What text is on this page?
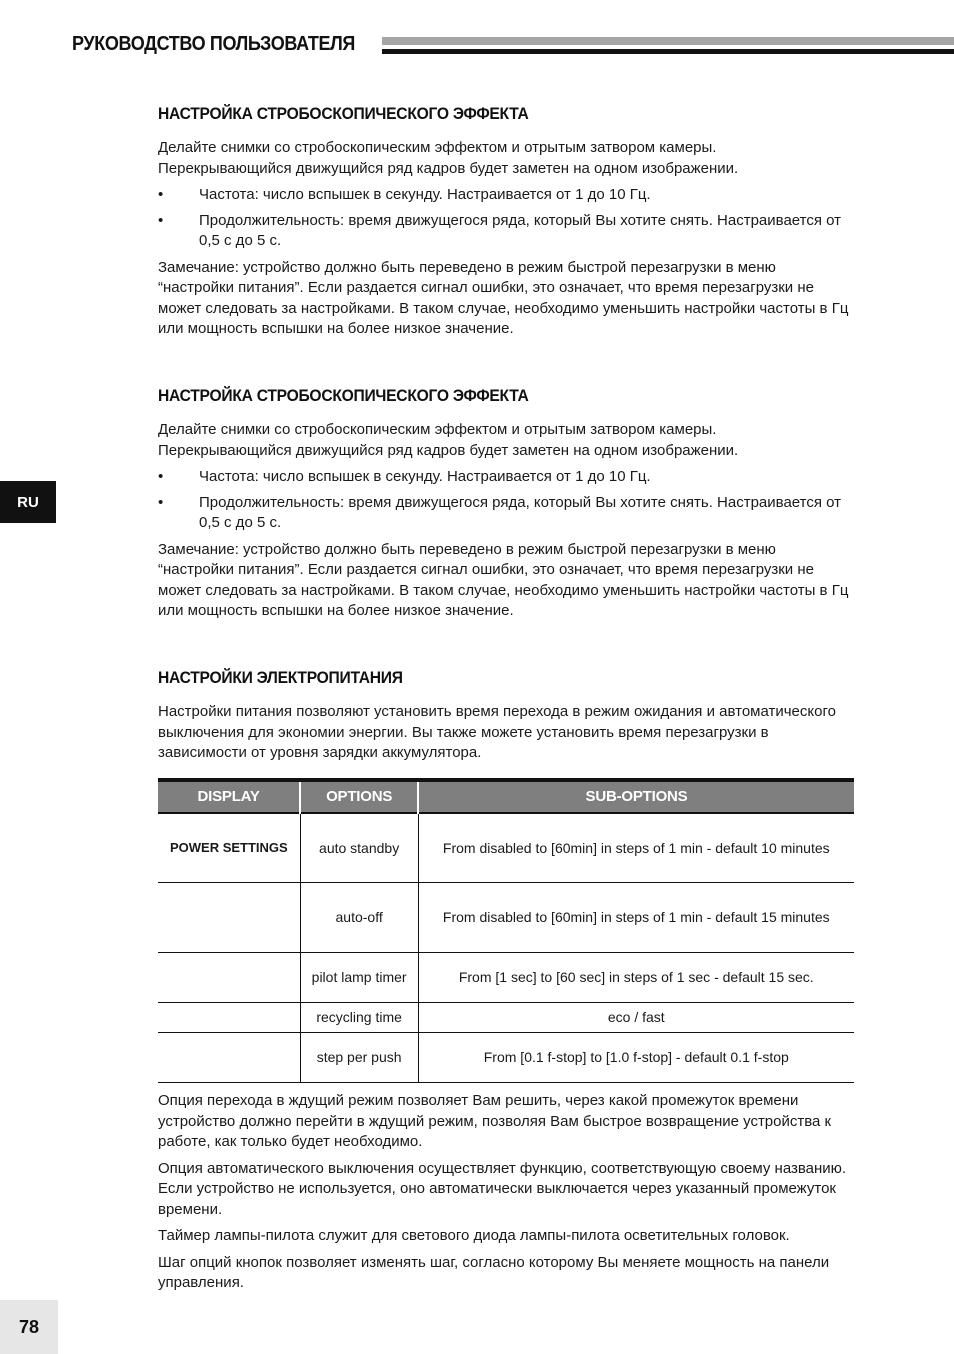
РУКОВОДСТВО ПОЛЬЗОВАТЕЛЯ
RU
78
НАСТРОЙКА СТРОБОСКОПИЧЕСКОГО ЭФФЕКТА

Делайте снимки со стробоскопическим эффектом и отрытым затвором камеры. Перекрывающийся движущийся ряд кадров будет заметен на одном изображении.

• Частота: число вспышек в секунду. Настраивается от 1 до 10 Гц.
• Продолжительность: время движущегося ряда, который Вы хотите снять. Настраивается от 0,5 с до 5 с.

Замечание: устройство должно быть переведено в режим быстрой перезагрузки в меню “настройки питания”. Если раздается сигнал ошибки, это означает, что время перезагрузки не может следовать за настройками. В таком случае, необходимо уменьшить настройки частоты в Гц или мощность вспышки на более низкое значение.

НАСТРОЙКА СТРОБОСКОПИЧЕСКОГО ЭФФЕКТА

Делайте снимки со стробоскопическим эффектом и отрытым затвором камеры. Перекрывающийся движущийся ряд кадров будет заметен на одном изображении.

• Частота: число вспышек в секунду. Настраивается от 1 до 10 Гц.
• Продолжительность: время движущегося ряда, который Вы хотите снять. Настраивается от 0,5 с до 5 с.

Замечание: устройство должно быть переведено в режим быстрой перезагрузки в меню “настройки питания”. Если раздается сигнал ошибки, это означает, что время перезагрузки не может следовать за настройками. В таком случае, необходимо уменьшить настройки частоты в Гц или мощность вспышки на более низкое значение.

НАСТРОЙКИ ЭЛЕКТРОПИТАНИЯ

Настройки питания позволяют установить время перехода в режим ожидания и автоматического выключения для экономии энергии. Вы также можете установить время перезагрузки в зависимости от уровня зарядки аккумулятора.

DISPLAY	OPTIONS	SUB-OPTIONS
POWER SETTINGS	auto standby	From disabled to [60min] in steps of 1 min - default 10 minutes
	auto-off	From disabled to [60min] in steps of 1 min - default 15 minutes
	pilot lamp timer	From [1 sec] to [60 sec] in steps of 1 sec - default 15 sec.
	recycling time	eco / fast
	step per push	From [0.1 f-stop] to [1.0 f-stop] - default 0.1 f-stop

Опция перехода в ждущий режим позволяет Вам решить, через какой промежуток времени устройство должно перейти в ждущий режим, позволяя Вам быстрое возвращение устройства к работе, как только будет необходимо.

Опция автоматического выключения осуществляет функцию, соответствующую своему названию. Если устройство не используется, оно автоматически выключается через указанный промежуток времени.

Таймер лампы-пилота служит для светового диода лампы-пилота осветительных головок.

Шаг опций кнопок позволяет изменять шаг, согласно которому Вы меняете мощность на панели управления.
